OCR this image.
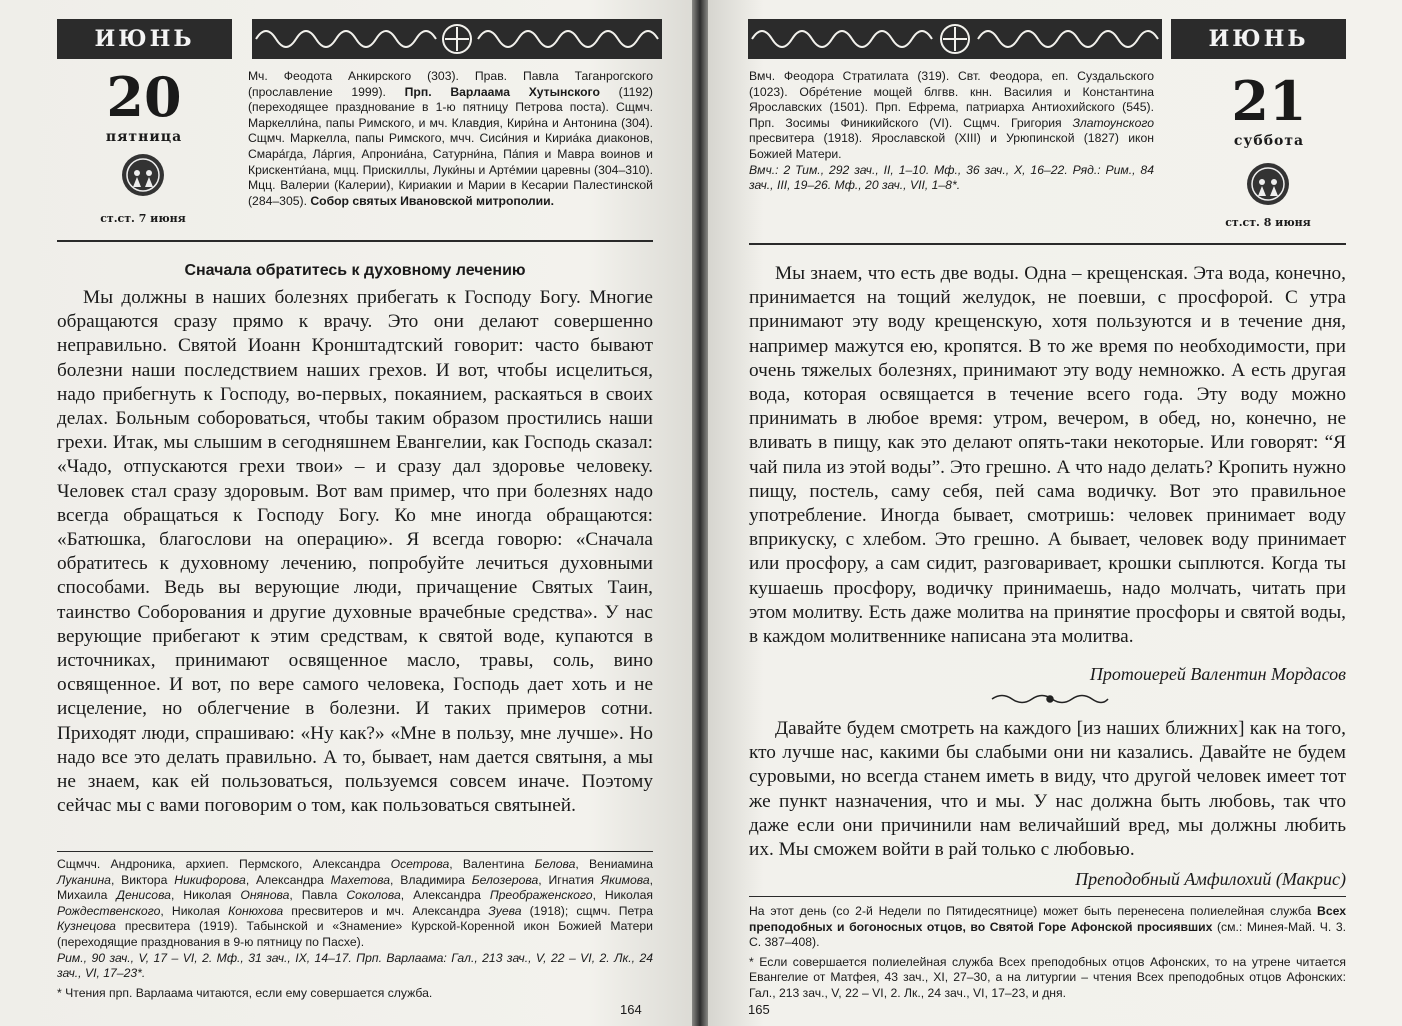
ИЮНЬ
20
пятница
ст.ст. 7 июня
Мч. Феодота Анкирского (303). Прав. Павла Таганрогского (прославление 1999). Прп. Варлаама Хутынского (1192) (переходящее празднование в 1-ю пятницу Петрова поста). Сщмч. Маркелли́на, папы Римского, и мч. Клавдия, Кири́на и Антонина (304). Сщмч. Маркелла, папы Римского, мчч. Сиси́ния и Кириа́ка диаконов, Смара́гда, Ла́ргия, Апрониа́на, Сатурни́на, Па́пия и Мавра воинов и Крискенти́ана, мцц. Прискиллы, Луки́ны и Арте́мии царевны (304–310). Мцц. Валерии (Калерии), Кириакии и Марии в Кесарии Палестинской (284–305). Собор святых Ивановской митрополии.
Сначала обратитесь к духовному лечению

Мы должны в наших болезнях прибегать к Господу Богу. Многие обращаются сразу прямо к врачу. Это они делают совершенно неправильно. Святой Иоанн Кронштадтский говорит: часто бывают болезни наши последствием наших грехов. И вот, чтобы исцелиться, надо прибегнуть к Господу, во-первых, покаянием, раскаяться в своих делах. Больным собороваться, чтобы таким образом простились наши грехи. Итак, мы слышим в сегодняшнем Евангелии, как Господь сказал: «Чадо, отпускаются грехи твои» – и сразу дал здоровье человеку. Человек стал сразу здоровым. Вот вам пример, что при болезнях надо всегда обращаться к Господу Богу. Ко мне иногда обращаются: «Батюшка, благослови на операцию». Я всегда говорю: «Сначала обратитесь к духовному лечению, попробуйте лечиться духовными способами. Ведь вы верующие люди, причащение Святых Таин, таинство Соборования и другие духовные врачебные средства». У нас верующие прибегают к этим средствам, к святой воде, купаются в источниках, принимают освященное масло, травы, соль, вино освященное. И вот, по вере самого человека, Господь дает хоть и не исцеление, но облегчение в болезни. И таких примеров сотни. Приходят люди, спрашиваю: «Ну как?» «Мне в пользу, мне лучше». Но надо все это делать правильно. А то, бывает, нам дается святыня, а мы не знаем, как ей пользоваться, пользуемся совсем иначе. Поэтому сейчас мы с вами поговорим о том, как пользоваться святыней.

Сщмчч. Андроника, архиеп. Пермского, Александра Осетрова, Валентина Белова, Вениамина Луканина, Виктора Никифорова, Александра Махетова, Владимира Белозерова, Игнатия Якимова, Михаила Денисова, Николая Онянова, Павла Соколова, Александра Преображенского, Николая Рождественского, Николая Конюхова пресвитеров и мч. Александра Зуева (1918); сщмч. Петра Кузнецова пресвитера (1919). Табынской и «Знамение» Курской-Коренной икон Божией Матери (переходящие празднования в 9-ю пятницу по Пасхе).

Рим., 90 зач., V, 17 – VI, 2. Мф., 31 зач., IX, 14–17. Прп. Варлаама: Гал., 213 зач., V, 22 – VI, 2. Лк., 24 зач., VI, 17–23*.

* Чтения прп. Варлаама читаются, если ему совершается служба.

164
ИЮНЬ
Вмч. Феодора Стратилата (319). Свт. Феодора, еп. Суздальского (1023). Обре́тение мощей блгвв. кнн. Василия и Константина Ярославских (1501). Прп. Ефрема, патриарха Антиохийского (545). Прп. Зосимы Финикийского (VI). Сщмч. Григория Златоунского пресвитера (1918). Ярославской (XIII) и Урюпинской (1827) икон Божией Матери.
Вмч.: 2 Тим., 292 зач., II, 1–10. Мф., 36 зач., X, 16–22. Ряд.: Рим., 84 зач., III, 19–26. Мф., 20 зач., VII, 1–8*.
21
суббота
ст.ст. 8 июня

Мы знаем, что есть две воды. Одна – крещенская. Эта вода, конечно, принимается на тощий желудок, не поевши, с просфорой. С утра принимают эту воду крещенскую, хотя пользуются и в течение дня, например мажутся ею, кропятся. В то же время по необходимости, при очень тяжелых болезнях, принимают эту воду немножко. А есть другая вода, которая освящается в течение всего года. Эту воду можно принимать в любое время: утром, вечером, в обед, но, конечно, не вливать в пищу, как это делают опять-таки некоторые. Или говорят: “Я чай пила из этой воды”. Это грешно. А что надо делать? Кропить нужно пищу, постель, саму себя, пей сама водичку. Вот это правильное употребление. Иногда бывает, смотришь: человек принимает воду вприкуску, с хлебом. Это грешно. А бывает, человек воду принимает или просфору, а сам сидит, разговаривает, крошки сыплются. Когда ты кушаешь просфору, водичку принимаешь, надо молчать, читать при этом молитву. Есть даже молитва на принятие просфоры и святой воды, в каждом молитвеннике написана эта молитва.

Протоиерей Валентин Мордасов

Давайте будем смотреть на каждого [из наших ближних] как на того, кто лучше нас, какими бы слабыми они ни казались. Давайте не будем суровыми, но всегда станем иметь в виду, что другой человек имеет тот же пункт назначения, что и мы. У нас должна быть любовь, так что даже если они причинили нам величайший вред, мы должны любить их. Мы сможем войти в рай только с любовью.

Преподобный Амфилохий (Макрис)

На этот день (со 2-й Недели по Пятидесятнице) может быть перенесена полиелейная служба Всех преподобных и богоносных отцов, во Святой Горе Афонской просиявших (см.: Минея-Май. Ч. 3. С. 387–408).

* Если совершается полиелейная служба Всех преподобных отцов Афонских, то на утрене читается Евангелие от Матфея, 43 зач., XI, 27–30, а на литургии – чтения Всех преподобных отцов Афонских: Гал., 213 зач., V, 22 – VI, 2. Лк., 24 зач., VI, 17–23, и дня.

165
